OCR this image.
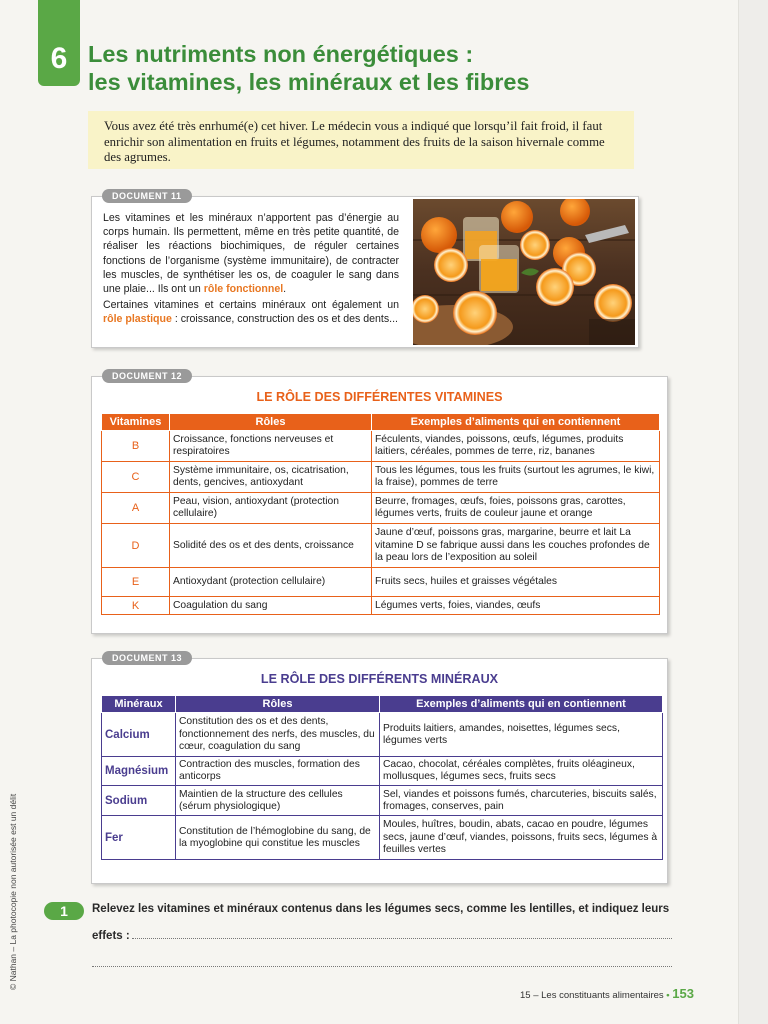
6 Les nutriments non énergétiques :
les vitamines, les minéraux et les fibres
Vous avez été très enrhumé(e) cet hiver. Le médecin vous a indiqué que lorsqu’il fait froid, il faut enrichir son alimentation en fruits et légumes, notamment des fruits de la saison hivernale comme des agrumes.
DOCUMENT 11

Les vitamines et les minéraux n’apportent pas d’énergie au corps humain. Ils permettent, même en très petite quantité, de réaliser les réactions biochimiques, de réguler certaines fonctions de l’organisme (système immunitaire), de contracter les muscles, de synthétiser les os, de coaguler le sang dans une plaie... Ils ont un rôle fonctionnel.

Certaines vitamines et certains minéraux ont également un rôle plastique : croissance, construction des os et des dents...

DOCUMENT 12
LE RÔLE DES DIFFÉRENTES VITAMINES
Vitamines	Rôles	Exemples d’aliments qui en contiennent
B	Croissance, fonctions nerveuses et respiratoires	Féculents, viandes, poissons, œufs, légumes, produits laitiers, céréales, pommes de terre, riz, bananes
C	Système immunitaire, os, cicatrisation, dents, gencives, antioxydant	Tous les légumes, tous les fruits (surtout les agrumes, le kiwi, la fraise), pommes de terre
A	Peau, vision, antioxydant (protection cellulaire)	Beurre, fromages, œufs, foies, poissons gras, carottes, légumes verts, fruits de couleur jaune et orange
D	Solidité des os et des dents, croissance	Jaune d’œuf, poissons gras, margarine, beurre et lait La vitamine D se fabrique aussi dans les couches profondes de la peau lors de l’exposition au soleil
E	Antioxydant (protection cellulaire)	Fruits secs, huiles et graisses végétales
K	Coagulation du sang	Légumes verts, foies, viandes, œufs
DOCUMENT 13
LE RÔLE DES DIFFÉRENTS MINÉRAUX
Minéraux	Rôles	Exemples d’aliments qui en contiennent
Calcium	Constitution des os et des dents, fonctionnement des nerfs, des muscles, du cœur, coagulation du sang	Produits laitiers, amandes, noisettes, légumes secs, légumes verts
Magnésium	Contraction des muscles, formation des anticorps	Cacao, chocolat, céréales complètes, fruits oléagineux, mollusques, légumes secs, fruits secs
Sodium	Maintien de la structure des cellules (sérum physiologique)	Sel, viandes et poissons fumés, charcuteries, biscuits salés, fromages, conserves, pain
Fer	Constitution de l’hémoglobine du sang, de la myoglobine qui constitue les muscles	Moules, huîtres, boudin, abats, cacao en poudre, légumes secs, jaune d’œuf, viandes, poissons, fruits secs, légumes à feuilles vertes
1	Relevez les vitamines et minéraux contenus dans les légumes secs, comme les lentilles, et indiquez leurs
effets :
© Nathan – La photocopie non autorisée est un délit
15 – Les constituants alimentaires • 153
